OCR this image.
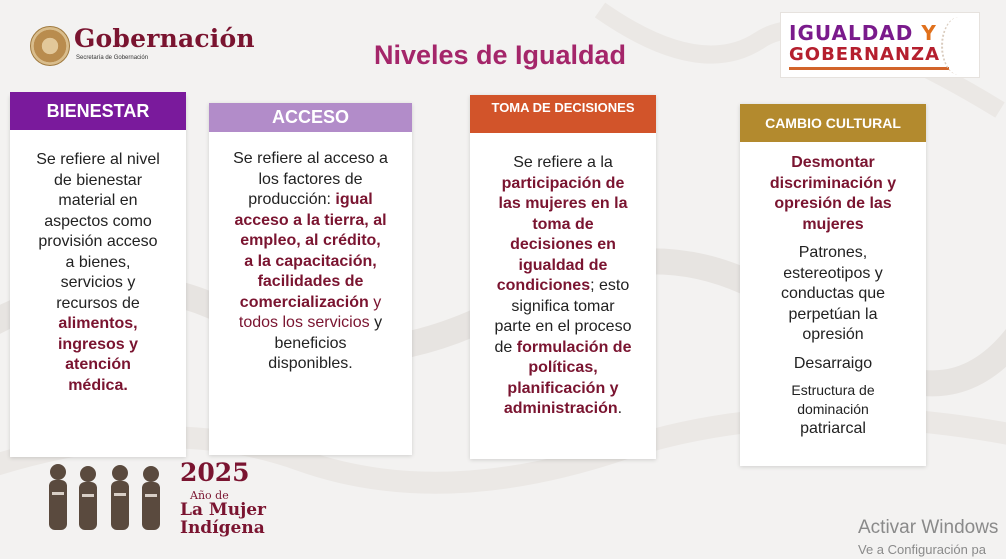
Gobernación
Secretaría de Gobernación	Niveles de Igualdad
IGUALDAD Y
GOBERNANZA
BIENESTAR
Se refiere al nivel
de bienestar
material en
aspectos como
provisión acceso
a bienes,
servicios y
recursos de
alimentos,
ingresos y
atención
médica.
ACCESO
Se refiere al acceso a
los factores de
producción: igual
acceso a la tierra, al
empleo, al crédito,
a la capacitación,
facilidades de
comercialización y
todos los servicios y
beneficios
disponibles.
TOMA DE DECISIONES
Se refiere a la
participación de
las mujeres en la
toma de
decisiones en
igualdad de
condiciones; esto
significa tomar
parte en el proceso
de formulación de
políticas,
planificación y
administración.
CAMBIO CULTURAL
Desmontar
discriminación y
opresión de las
mujeres
Patrones,
estereotipos y
conductas que
perpetúan la
opresión
Desarraigo
Estructura de
dominación
patriarcal
2025
Año de
La Mujer
Indígena	Activar Windows
Ve a Configuración pa
